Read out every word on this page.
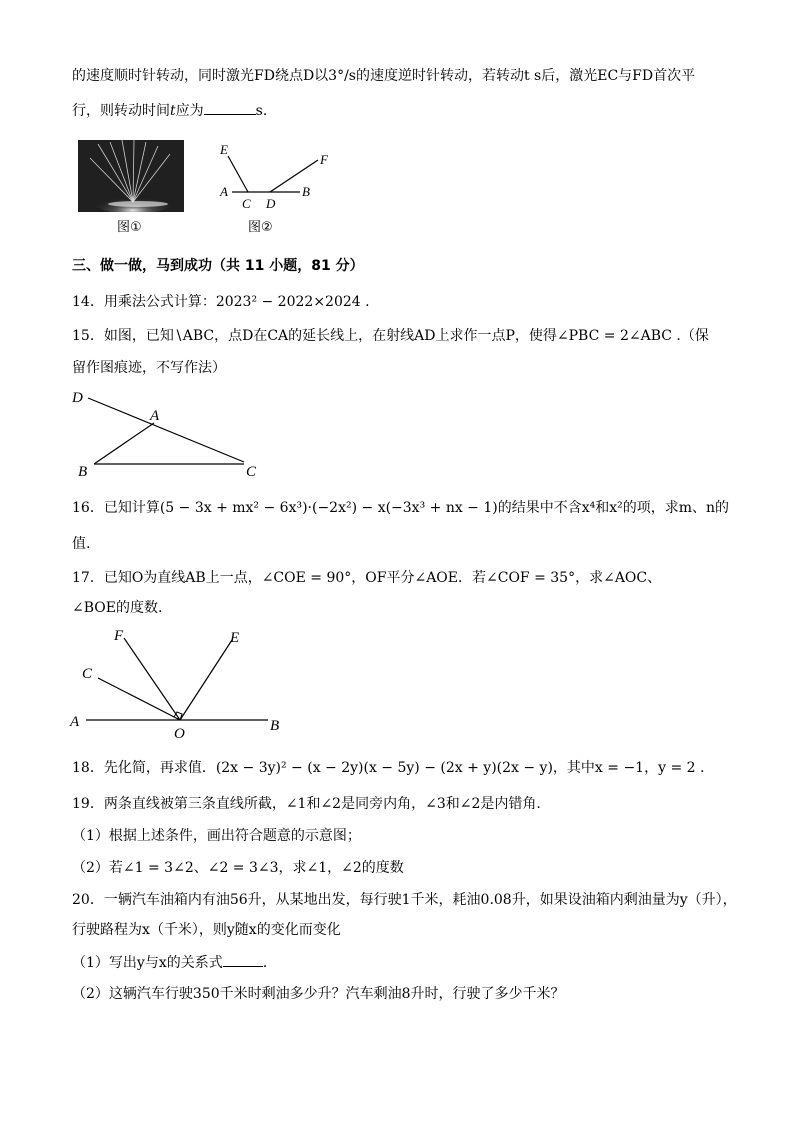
的速度顺时针转动，同时激光FD绕点D以3°/s的速度逆时针转动，若转动t s后，激光EC与FD首次平
行，则转动时间t应为	s.
图①
E
F
A	B
C D
图②
三、做一做，马到成功（共 11 小题，81 分）
14．用乘法公式计算：2023² − 2022×2024 .
15．如图，已知∖ABC，点D在CA的延长线上，在射线AD上求作一点P，使得∠PBC = 2∠ABC .（保
留作图痕迹，不写作法）
D
A
B	C
16．已知计算(5 − 3x + mx² − 6x³)·(−2x²) − x(−3x³ + nx − 1)的结果中不含x⁴和x²的项，求m、n的
值.
17．已知O为直线AB上一点，∠COE = 90°，OF平分∠AOE．若∠COF = 35°，求∠AOC、
∠BOE的度数.
F	E
C
A
O	B
18．先化简，再求值．(2x − 3y)² − (x − 2y)(x − 5y) − (2x + y)(2x − y)，其中x = −1，y = 2 .
19．两条直线被第三条直线所截，∠1和∠2是同旁内角，∠3和∠2是内错角.
（1）根据上述条件，画出符合题意的示意图；
（2）若∠1 = 3∠2、∠2 = 3∠3，求∠1，∠2的度数
20．一辆汽车油箱内有油56升，从某地出发，每行驶1千米，耗油0.08升，如果设油箱内剩油量为y（升），
行驶路程为x（千米），则y随x的变化而变化
（1）写出y与x的关系式	.
（2）这辆汽车行驶350千米时剩油多少升？汽车剩油8升时，行驶了多少千米？
